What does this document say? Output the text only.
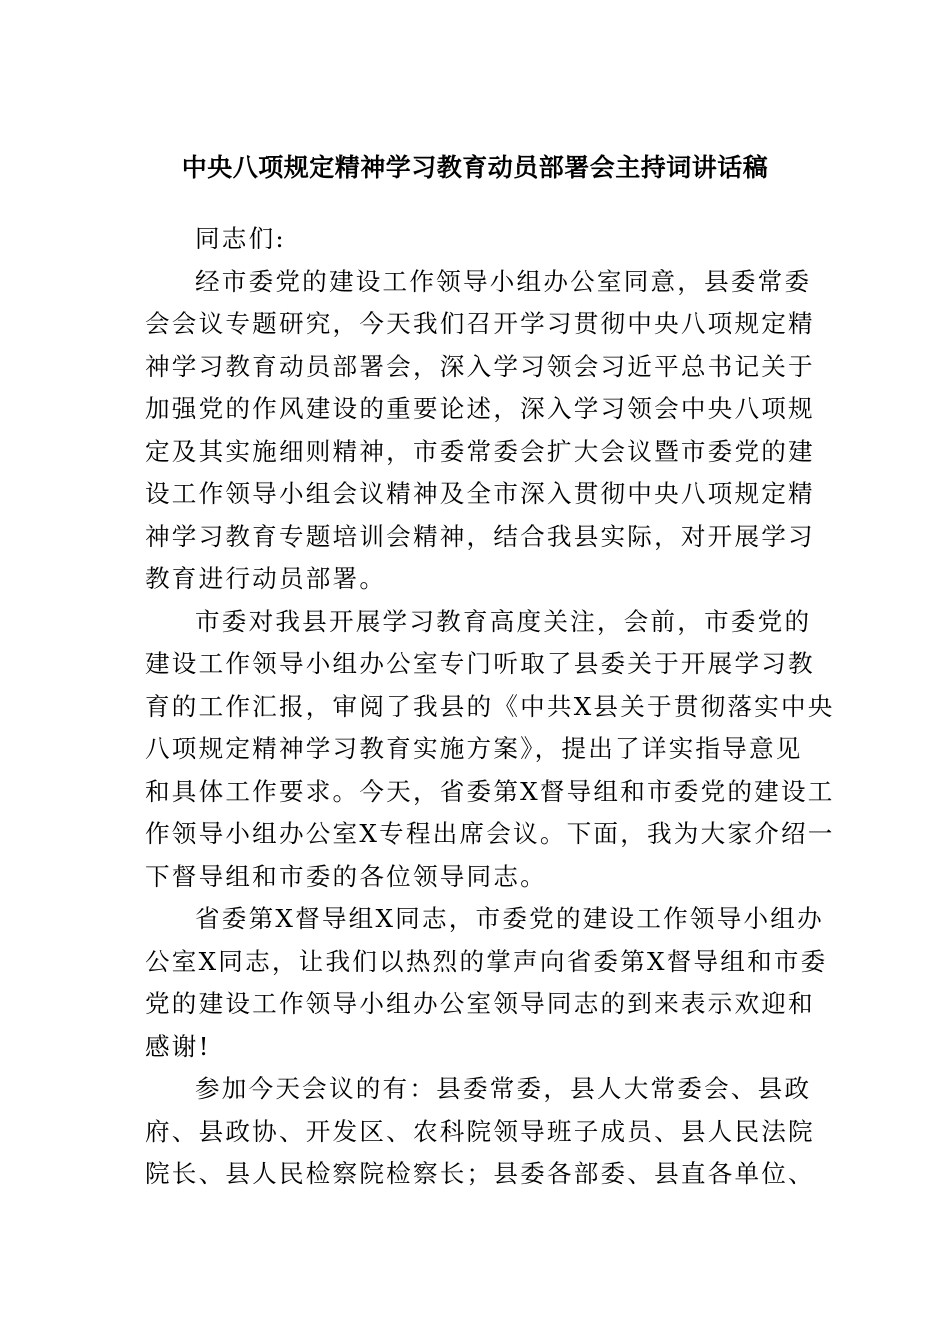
中央八项规定精神学习教育动员部署会主持词讲话稿
同志们:
经市委党的建设工作领导小组办公室同意，县委常委
会会议专题研究，今天我们召开学习贯彻中央八项规定精
神学习教育动员部署会，深入学习领会习近平总书记关于
加强党的作风建设的重要论述，深入学习领会中央八项规
定及其实施细则精神，市委常委会扩大会议暨市委党的建
设工作领导小组会议精神及全市深入贯彻中央八项规定精
神学习教育专题培训会精神，结合我县实际，对开展学习
教育进行动员部署。
市委对我县开展学习教育高度关注，会前，市委党的
建设工作领导小组办公室专门听取了县委关于开展学习教
育的工作汇报，审阅了我县的《中共X县关于贯彻落实中央
八项规定精神学习教育实施方案》，提出了详实指导意见
和具体工作要求。今天，省委第X督导组和市委党的建设工
作领导小组办公室X专程出席会议。下面，我为大家介绍一
下督导组和市委的各位领导同志。
省委第X督导组X同志，市委党的建设工作领导小组办
公室X同志，让我们以热烈的掌声向省委第X督导组和市委
党的建设工作领导小组办公室领导同志的到来表示欢迎和
感谢!
参加今天会议的有：县委常委，县人大常委会、县政
府、县政协、开发区、农科院领导班子成员、县人民法院
院长、县人民检察院检察长；县委各部委、县直各单位、
